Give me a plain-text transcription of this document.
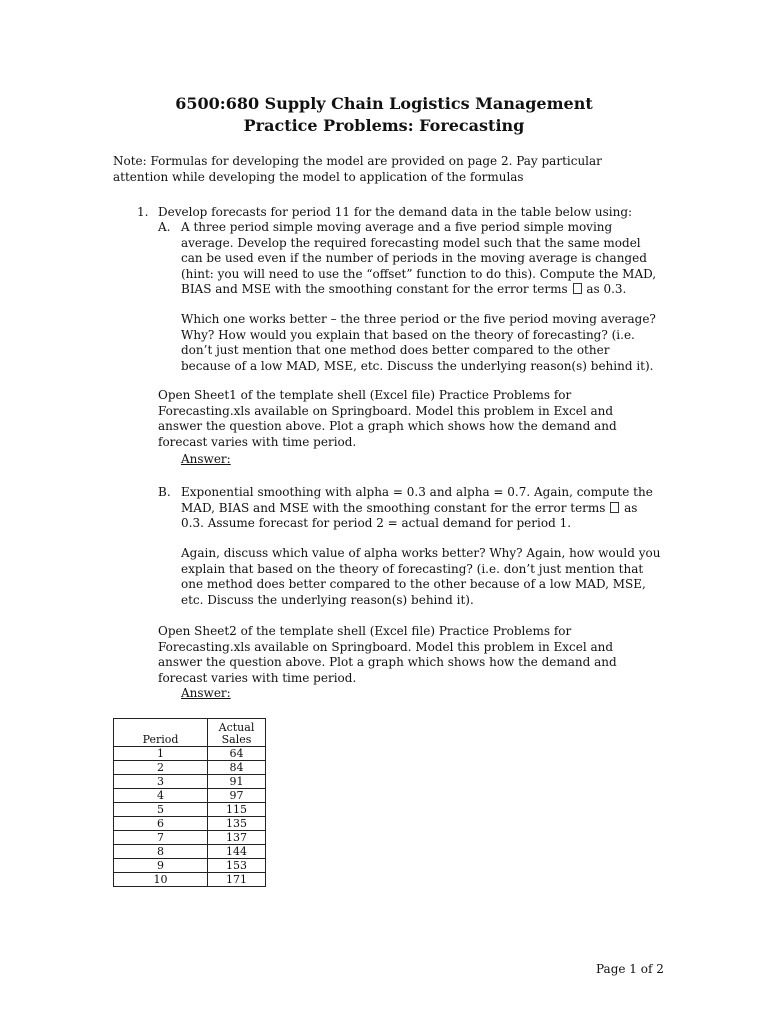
6500:680 Supply Chain Logistics Management
Practice Problems: Forecasting

Note: Formulas for developing the model are provided on page 2. Pay particular attention while developing the model to application of the formulas

1. Develop forecasts for period 11 for the demand data in the table below using:

A. A three period simple moving average and a five period simple moving average. Develop the required forecasting model such that the same model can be used even if the number of periods in the moving average is changed (hint: you will need to use the “offset” function to do this). Compute the MAD, BIAS and MSE with the smoothing constant for the error terms as 0.3.

Which one works better – the three period or the five period moving average? Why? How would you explain that based on the theory of forecasting? (i.e. don’t just mention that one method does better compared to the other because of a low MAD, MSE, etc. Discuss the underlying reason(s) behind it).

Open Sheet1 of the template shell (Excel file) Practice Problems for Forecasting.xls available on Springboard. Model this problem in Excel and answer the question above. Plot a graph which shows how the demand and forecast varies with time period.

Answer:
B. Exponential smoothing with alpha = 0.3 and alpha = 0.7. Again, compute the MAD, BIAS and MSE with the smoothing constant for the error terms as 0.3. Assume forecast for period 2 = actual demand for period 1.

Again, discuss which value of alpha works better? Why? Again, how would you explain that based on the theory of forecasting? (i.e. don’t just mention that one method does better compared to the other because of a low MAD, MSE, etc. Discuss the underlying reason(s) behind it).

Open Sheet2 of the template shell (Excel file) Practice Problems for Forecasting.xls available on Springboard. Model this problem in Excel and answer the question above. Plot a graph which shows how the demand and forecast varies with time period.

Answer:
Period	Actual Sales
1	64
2	84
3	91
4	97
5	115
6	135
7	137
8	144
9	153
10	171
Page 1 of 2
